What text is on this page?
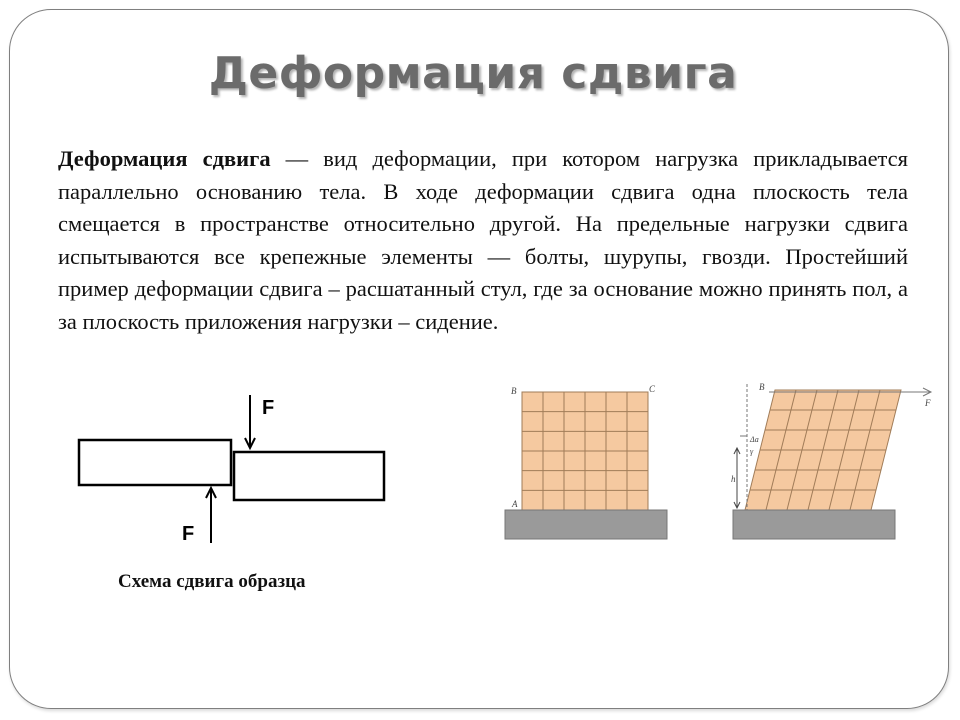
Деформация сдвига

Деформация сдвига — вид деформации, при котором нагрузка прикладывается параллельно основанию тела. В ходе деформации сдвига одна плоскость тела смещается в пространстве относительно другой. На предельные нагрузки сдвига испытываются все крепежные элементы — болты, шурупы, гвозди. Простейший пример деформации сдвига – расшатанный стул, где за основание можно принять пол, а за плоскость приложения нагрузки – сидение.

F
F

Схема сдвига образца

B	C
A
F
B
Δa
h
γ
